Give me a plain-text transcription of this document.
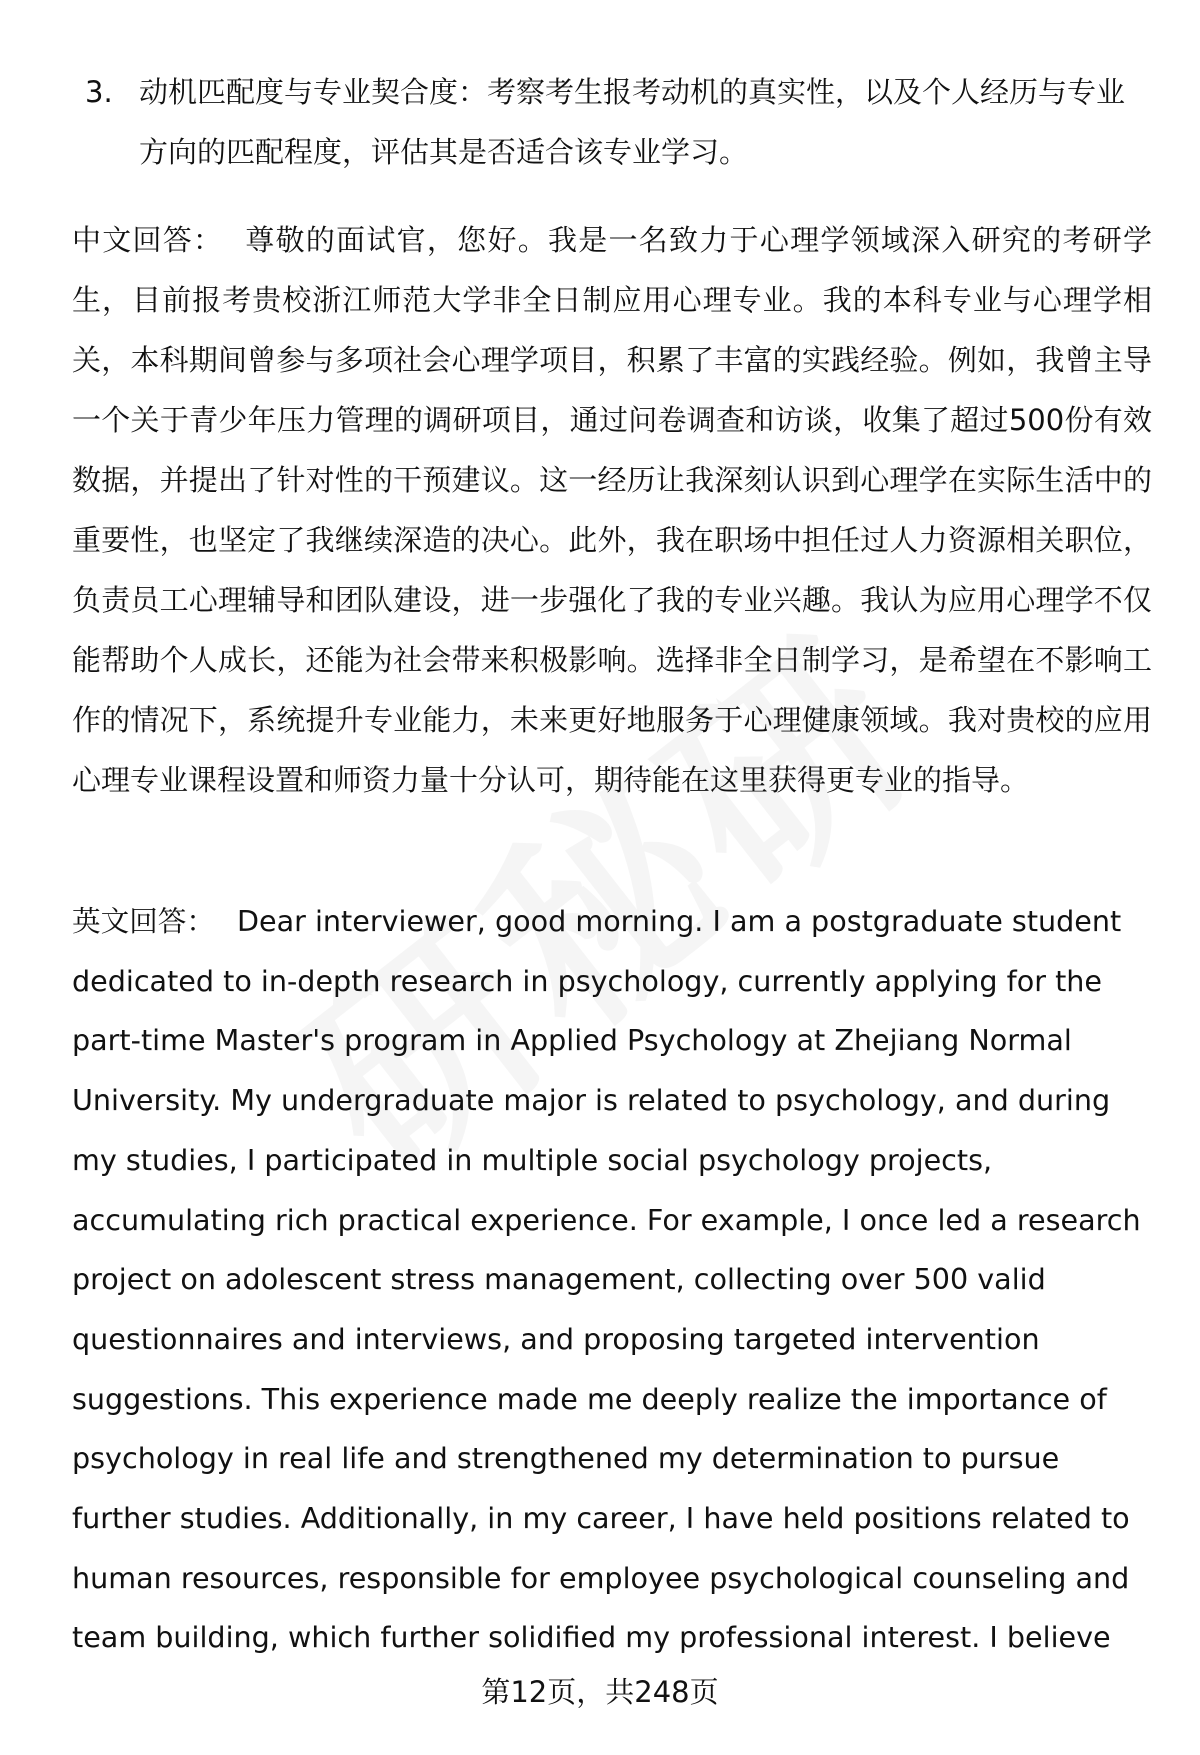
3. 动机匹配度与专业契合度：考察考生报考动机的真实性，以及个人经历与专业方向的匹配程度，评估其是否适合该专业学习。
中文回答： 尊敬的面试官，您好。我是一名致力于心理学领域深入研究的考研学生，目前报考贵校浙江师范大学非全日制应用心理专业。我的本科专业与心理学相关，本科期间曾参与多项社会心理学项目，积累了丰富的实践经验。例如，我曾主导一个关于青少年压力管理的调研项目，通过问卷调查和访谈，收集了超过500份有效数据，并提出了针对性的干预建议。这一经历让我深刻认识到心理学在实际生活中的重要性，也坚定了我继续深造的决心。此外，我在职场中担任过人力资源相关职位，负责员工心理辅导和团队建设，进一步强化了我的专业兴趣。我认为应用心理学不仅能帮助个人成长，还能为社会带来积极影响。选择非全日制学习，是希望在不影响工作的情况下，系统提升专业能力，未来更好地服务于心理健康领域。我对贵校的应用心理专业课程设置和师资力量十分认可，期待能在这里获得更专业的指导。
英文回答： Dear interviewer, good morning. I am a postgraduate student dedicated to in-depth research in psychology, currently applying for the part-time Master's program in Applied Psychology at Zhejiang Normal University. My undergraduate major is related to psychology, and during my studies, I participated in multiple social psychology projects, accumulating rich practical experience. For example, I once led a research project on adolescent stress management, collecting over 500 valid questionnaires and interviews, and proposing targeted intervention suggestions. This experience made me deeply realize the importance of psychology in real life and strengthened my determination to pursue further studies. Additionally, in my career, I have held positions related to human resources, responsible for employee psychological counseling and team building, which further solidified my professional interest. I believe
第12页，共248页
